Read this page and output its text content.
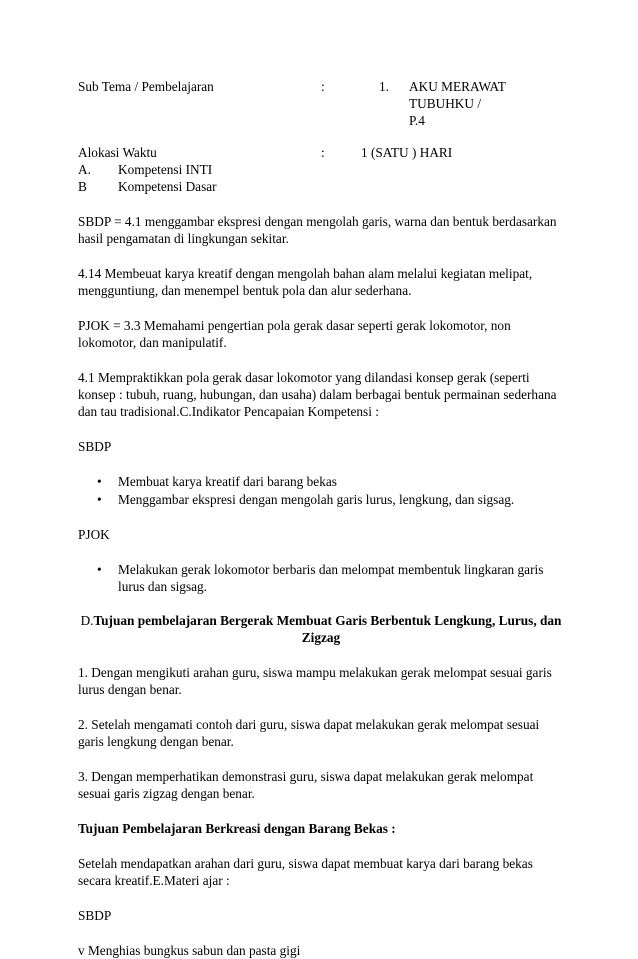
Sub Tema / Pembelajaran	:	1.	AKU MERAWAT TUBUHKU /
P.4
Alokasi Waktu	:	1 (SATU ) HARI
A.	Kompetensi INTI
B	Kompetensi Dasar

SBDP = 4.1 menggambar ekspresi dengan mengolah garis, warna dan bentuk berdasarkan hasil pengamatan di lingkungan sekitar.

4.14 Membeuat karya kreatif dengan mengolah bahan alam melalui kegiatan melipat, mengguntiung, dan menempel bentuk pola dan alur sederhana.

PJOK = 3.3 Memahami pengertian pola gerak dasar seperti gerak lokomotor, non lokomotor, dan manipulatif.

4.1 Mempraktikkan pola gerak dasar lokomotor yang dilandasi konsep gerak (seperti konsep : tubuh, ruang, hubungan, dan usaha) dalam berbagai bentuk permainan sederhana dan tau tradisional.C.Indikator Pencapaian Kompetensi :

SBDP

•	Membuat karya kreatif dari barang bekas
•	Menggambar ekspresi dengan mengolah garis lurus, lengkung, dan sigsag.

PJOK

•	Melakukan gerak lokomotor berbaris dan melompat membentuk lingkaran garis lurus dan sigsag.

D.Tujuan pembelajaran Bergerak Membuat Garis Berbentuk Lengkung, Lurus, dan
Zigzag

1. Dengan mengikuti arahan guru, siswa mampu melakukan gerak melompat sesuai garis lurus dengan benar.

2. Setelah mengamati contoh dari guru, siswa dapat melakukan gerak melompat sesuai garis lengkung dengan benar.

3. Dengan memperhatikan demonstrasi guru, siswa dapat melakukan gerak melompat sesuai garis zigzag dengan benar.

Tujuan Pembelajaran Berkreasi dengan Barang Bekas :

Setelah mendapatkan arahan dari guru, siswa dapat membuat karya dari barang bekas secara kreatif.E.Materi ajar :

SBDP

v Menghias bungkus sabun dan pasta gigi
